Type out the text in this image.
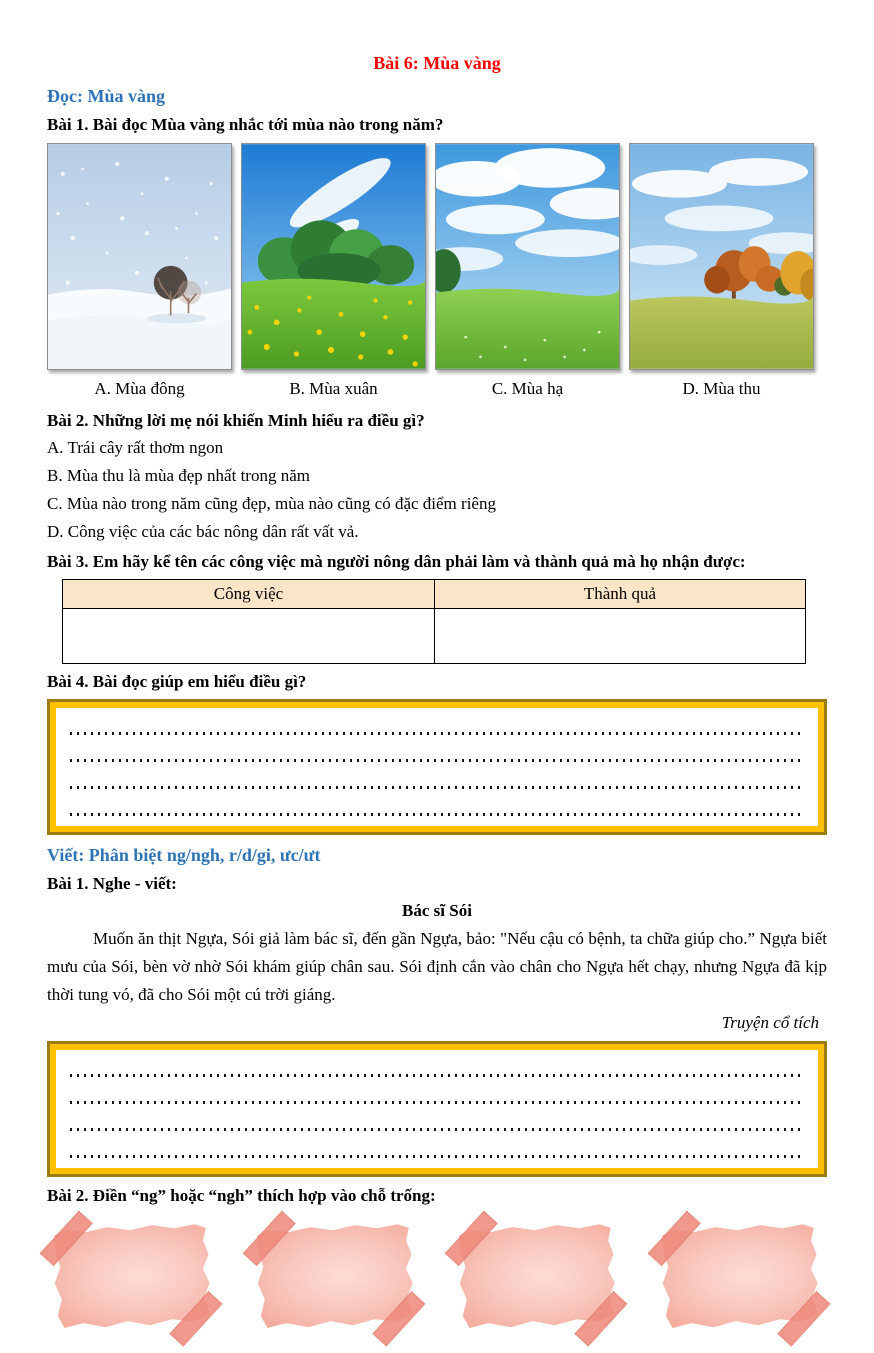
Bài 6: Mùa vàng
Đọc: Mùa vàng
Bài 1. Bài đọc Mùa vàng nhắc tới mùa nào trong năm?
A. Mùa đông	B. Mùa xuân	C. Mùa hạ	D. Mùa thu
Bài 2. Những lời mẹ nói khiến Minh hiểu ra điều gì?

A. Trái cây rất thơm ngon

B. Mùa thu là mùa đẹp nhất trong năm

C. Mùa nào trong năm cũng đẹp, mùa nào cũng có đặc điểm riêng

D. Công việc của các bác nông dân rất vất vả.

Bài 3. Em hãy kể tên các công việc mà người nông dân phải làm và thành quả mà họ nhận được:
Công việc	Thành quả

Bài 4. Bài đọc giúp em hiểu điều gì?
Viết: Phân biệt ng/ngh, r/d/gi, ưc/ưt
Bài 1. Nghe - viết:
Bác sĩ Sói
Muốn ăn thịt Ngựa, Sói giả làm bác sĩ, đến gần Ngựa, bảo: "Nếu cậu có bệnh, ta chữa giúp cho.” Ngựa biết mưu của Sói, bèn vờ nhờ Sói khám giúp chân sau. Sói định cắn vào chân cho Ngựa hết chạy, nhưng Ngựa đã kịp thời tung vó, đã cho Sói một cú trời giáng.
Truyện cổ tích
Bài 2. Điền “ng” hoặc “ngh” thích hợp vào chỗ trống:
